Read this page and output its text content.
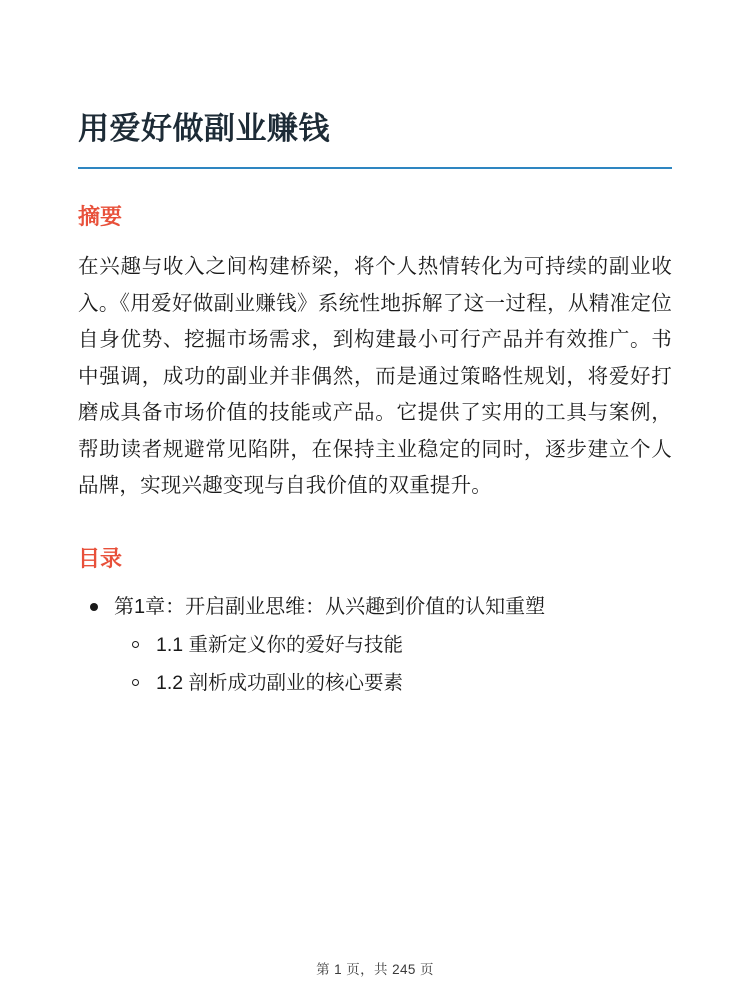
用爱好做副业赚钱
摘要

在兴趣与收入之间构建桥梁，将个人热情转化为可持续的副业收入。《用爱好做副业赚钱》系统性地拆解了这一过程，从精准定位自身优势、挖掘市场需求，到构建最小可行产品并有效推广。书中强调，成功的副业并非偶然，而是通过策略性规划，将爱好打磨成具备市场价值的技能或产品。它提供了实用的工具与案例，帮助读者规避常见陷阱，在保持主业稳定的同时，逐步建立个人品牌，实现兴趣变现与自我价值的双重提升。

目录
第1章：开启副业思维：从兴趣到价值的认知重塑
1.1 重新定义你的爱好与技能
1.2 剖析成功副业的核心要素
第 1 页，共 245 页
